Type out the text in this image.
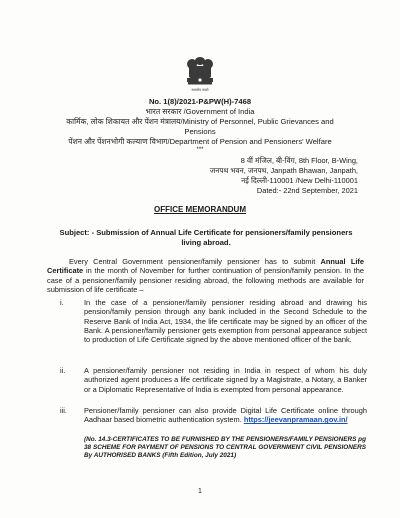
सत्यमेव जयते
No. 1(8)/2021-P&PW(H)-7468
भारत सरकार /Government of India
कार्मिक, लोक शिकायत और पेंशन मंत्रालय/Ministry of Personnel, Public Grievances and
Pensions
पेंशन और पेंशनभोगी कल्याण विभाग/Department of Pension and Pensioners' Welfare
***
8 वीं मंजिल, बी-विंग, 8th Floor, B-Wing,
जनपथ भवन, जनपथ, Janpath Bhawan, Janpath,
नई दिल्ली-110001 /New Delhi-110001
Dated:- 22nd September, 2021
OFFICE MEMORANDUM
Subject: - Submission of Annual Life Certificate for pensioners/family pensioners
living abroad.
Every Central Government pensioner/family pensioner has to submit Annual Life Certificate in the month of November for further continuation of pension/family pension. In the case of a pensioner/family pensioner residing abroad, the following methods are available for submission of life certificate –
i.	In the case of a pensioner/family pensioner residing abroad and drawing his pension/family pension through any bank included in the Second Schedule to the Reserve Bank of India Act, 1934, the life certificate may be signed by an officer of the Bank. A pensioner/family pensioner gets exemption from personal appearance subject to production of Life Certificate signed by the above mentioned officer of the bank.
ii.	A pensioner/family pensioner not residing in India in respect of whom his duly authorized agent produces a life certificate signed by a Magistrate, a Notary, a Banker or a Diplomatic Representative of India is exempted from personal appearance.
iii. Pensioner/family pensioner can also provide Digital Life Certificate online through Aadhaar based biometric authentication system. https://jeevanpramaan.gov.in/
(No. 14.3-CERTIFICATES TO BE FURNISHED BY THE PENSIONERS/FAMILY PENSIONERS pg 38 SCHEME FOR PAYMENT OF PENSIONS TO CENTRAL GOVERNMENT CIVIL PENSIONERS By AUTHORISED BANKS (Fifth Edition, July 2021)
1
